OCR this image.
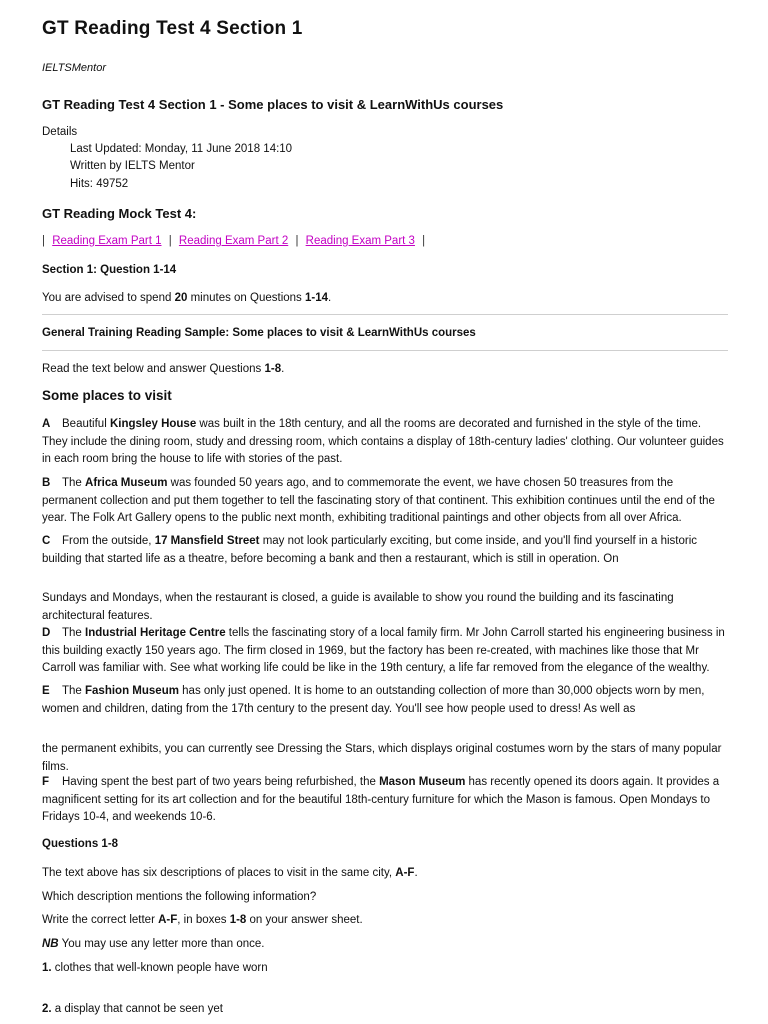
GT Reading Test 4 Section 1
IELTSMentor
GT Reading Test 4 Section 1 - Some places to visit & LearnWithUs courses
Details
Last Updated: Monday, 11 June 2018 14:10
Written by IELTS Mentor
Hits: 49752
GT Reading Mock Test 4:
| Reading Exam Part 1 | Reading Exam Part 2 | Reading Exam Part 3 |
Section 1: Question 1-14
You are advised to spend 20 minutes on Questions 1-14.
General Training Reading Sample: Some places to visit & LearnWithUs courses
Read the text below and answer Questions 1-8.
Some places to visit
A Beautiful Kingsley House was built in the 18th century, and all the rooms are decorated and furnished in the style of the time. They include the dining room, study and dressing room, which contains a display of 18th-century ladies' clothing. Our volunteer guides in each room bring the house to life with stories of the past.
B The Africa Museum was founded 50 years ago, and to commemorate the event, we have chosen 50 treasures from the permanent collection and put them together to tell the fascinating story of that continent. This exhibition continues until the end of the year. The Folk Art Gallery opens to the public next month, exhibiting traditional paintings and other objects from all over Africa.
C From the outside, 17 Mansfield Street may not look particularly exciting, but come inside, and you'll find yourself in a historic building that started life as a theatre, before becoming a bank and then a restaurant, which is still in operation. On
Sundays and Mondays, when the restaurant is closed, a guide is available to show you round the building and its fascinating architectural features.
D The Industrial Heritage Centre tells the fascinating story of a local family firm. Mr John Carroll started his engineering business in this building exactly 150 years ago. The firm closed in 1969, but the factory has been re-created, with machines like those that Mr Carroll was familiar with. See what working life could be like in the 19th century, a life far removed from the elegance of the wealthy.
E The Fashion Museum has only just opened. It is home to an outstanding collection of more than 30,000 objects worn by men, women and children, dating from the 17th century to the present day. You'll see how people used to dress! As well as
the permanent exhibits, you can currently see Dressing the Stars, which displays original costumes worn by the stars of many popular films.
F Having spent the best part of two years being refurbished, the Mason Museum has recently opened its doors again. It provides a magnificent setting for its art collection and for the beautiful 18th-century furniture for which the Mason is famous. Open Mondays to Fridays 10-4, and weekends 10-6.
Questions 1-8
The text above has six descriptions of places to visit in the same city, A-F.
Which description mentions the following information?
Write the correct letter A-F, in boxes 1-8 on your answer sheet.
NB You may use any letter more than once.
1. clothes that well-known people have worn
2. a display that cannot be seen yet
